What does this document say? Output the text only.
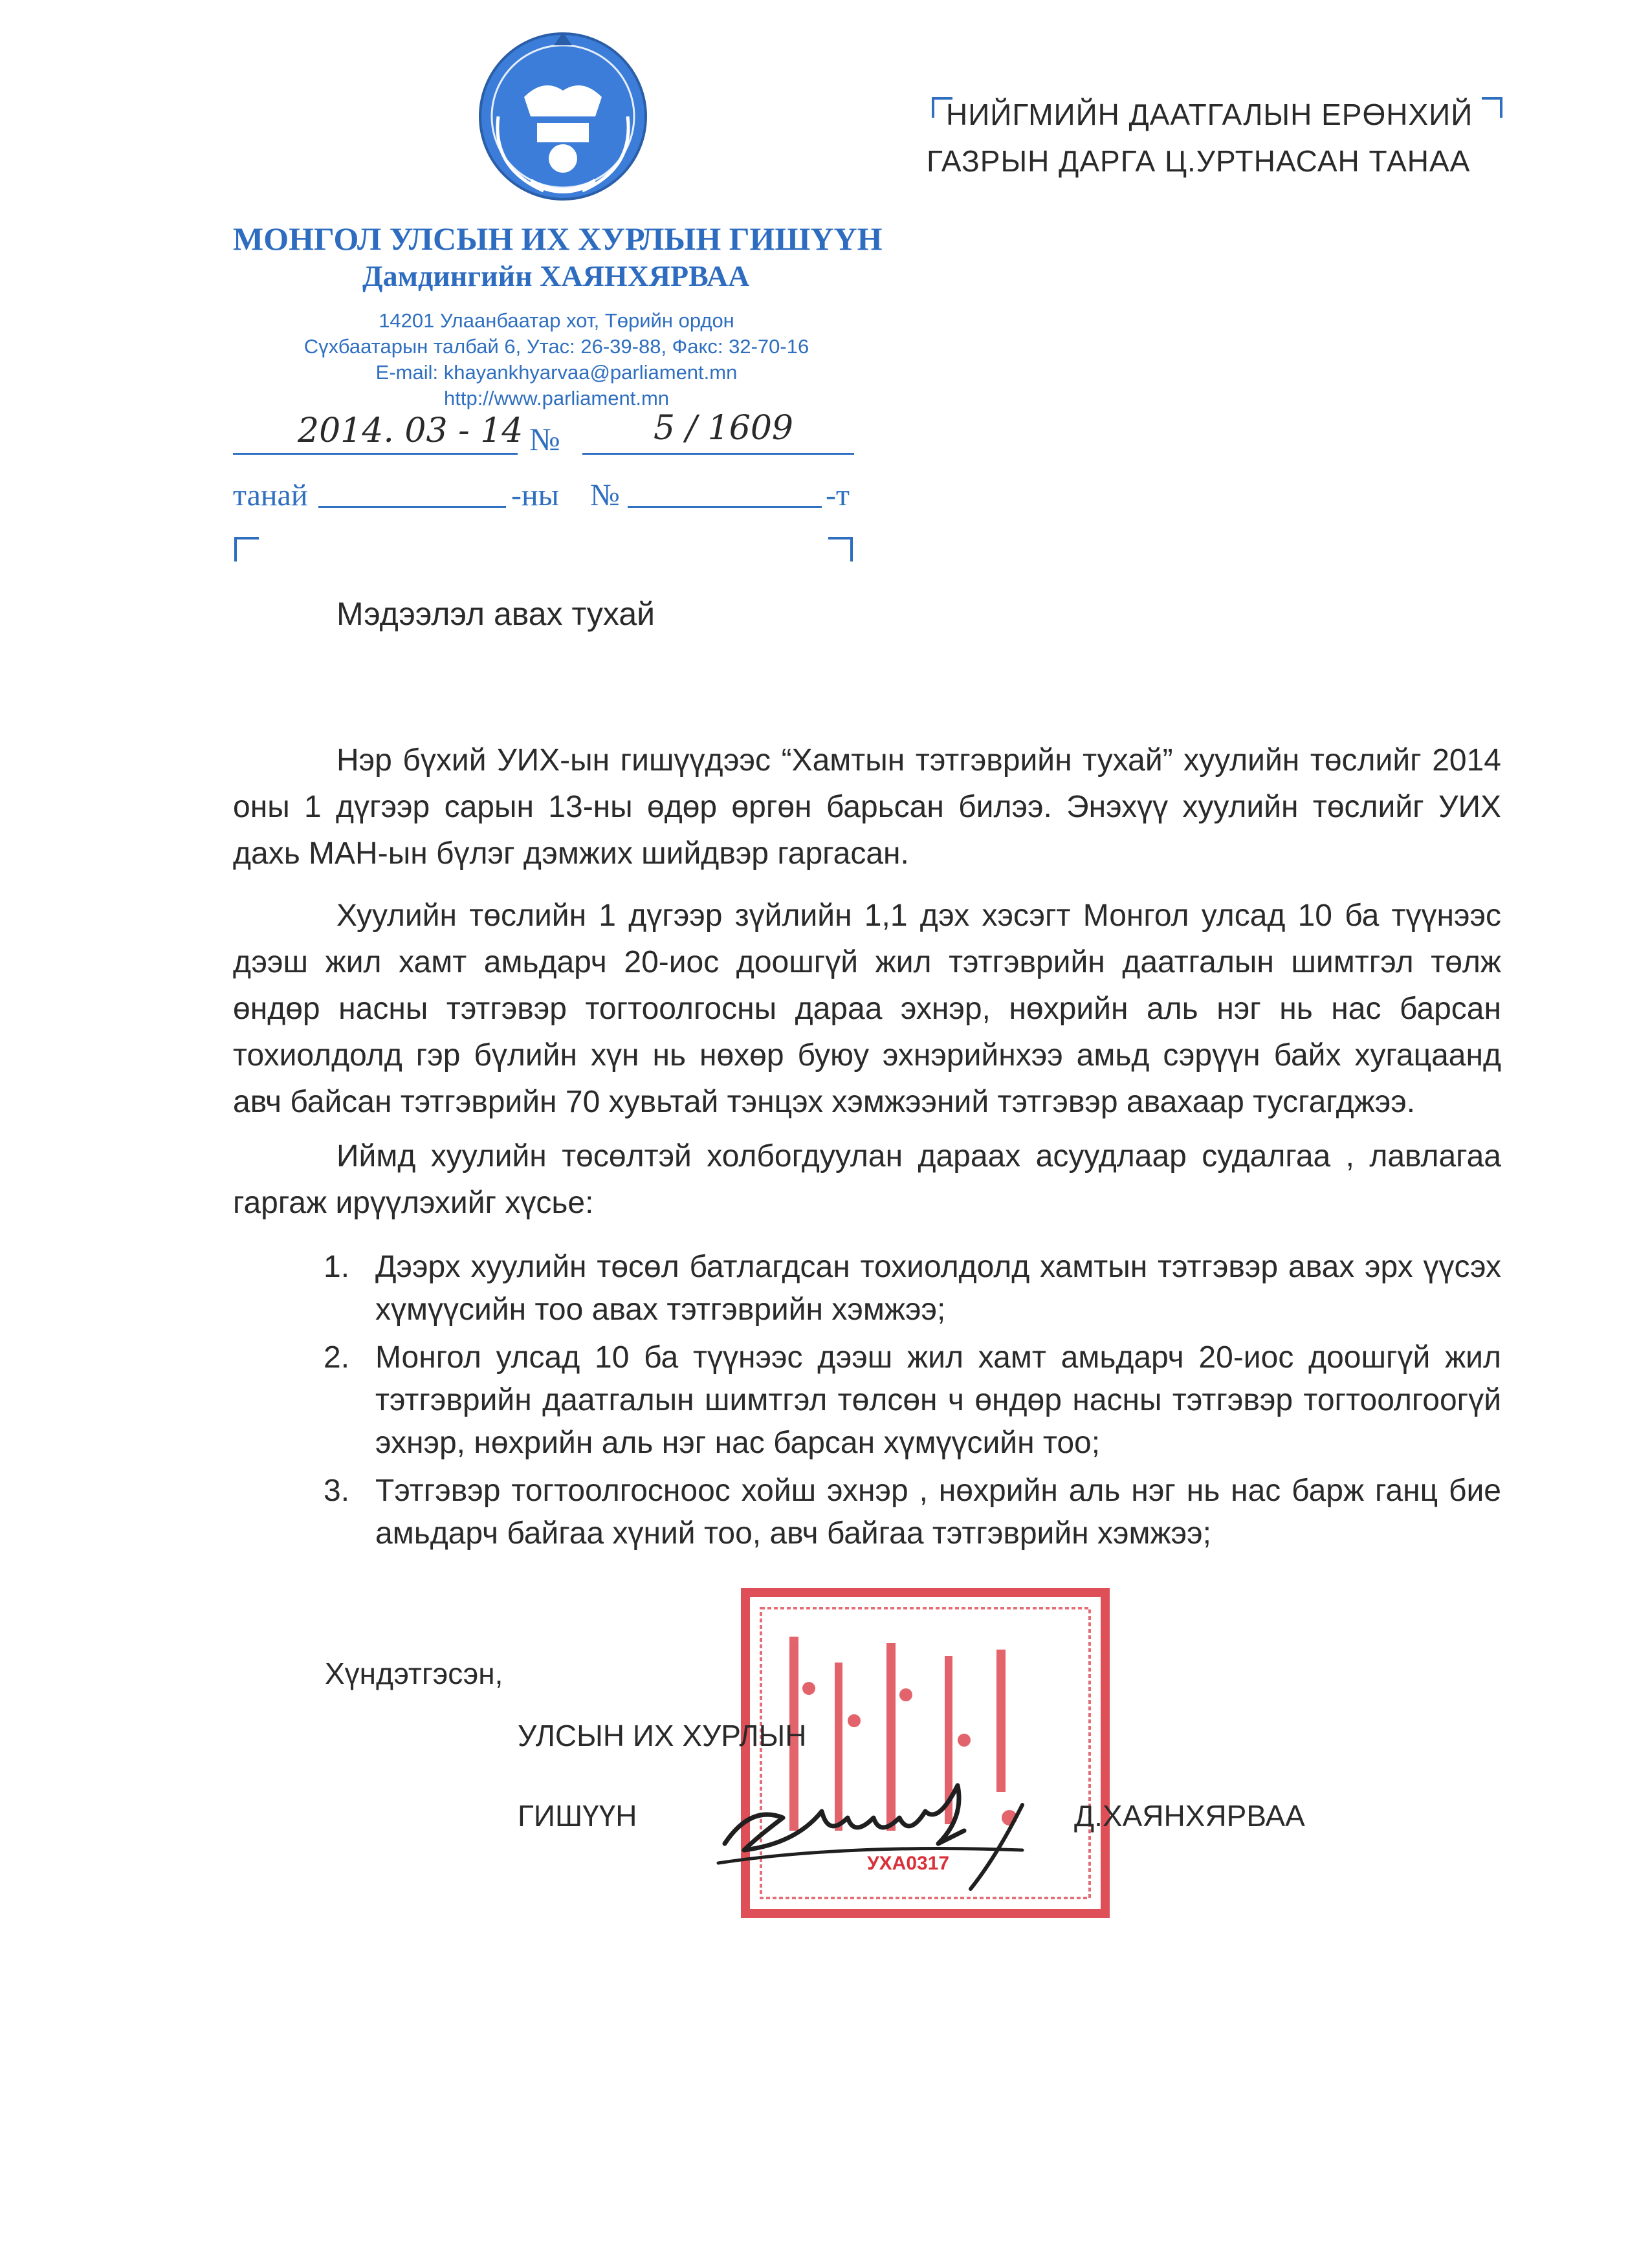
МОНГОЛ УЛСЫН ИХ ХУРЛЫН ГИШҮҮН
Дамдингийн ХАЯНХЯРВАА
14201 Улаанбаатар хот, Төрийн ордон
Сүхбаатарын талбай 6, Утас: 26-39-88, Факс: 32-70-16
E-mail: khayankhyarvaa@parliament.mn
http://www.parliament.mn
2014. 03 - 14 №	5 / 1609
танай	-ны №	-т
НИЙГМИЙН ДААТГАЛЫН ЕРӨНХИЙ
ГАЗРЫН ДАРГА Ц.УРТНАСАН ТАНАА
Мэдээлэл авах тухай
Нэр бүхий УИХ-ын гишүүдээс “Хамтын тэтгэврийн тухай” хуулийн төслийг 2014 оны 1 дүгээр сарын 13-ны өдөр өргөн барьсан билээ. Энэхүү хуулийн төслийг УИХ дахь МАН-ын бүлэг дэмжих шийдвэр гаргасан.
Хуулийн төслийн 1 дүгээр зүйлийн 1,1 дэх хэсэгт Монгол улсад 10 ба түүнээс дээш жил хамт амьдарч 20-иос доошгүй жил тэтгэврийн даатгалын шимтгэл төлж өндөр насны тэтгэвэр тогтоолгосны дараа эхнэр, нөхрийн аль нэг нь нас барсан тохиолдолд гэр бүлийн хүн нь нөхөр буюу эхнэрийнхээ амьд сэрүүн байх хугацаанд авч байсан тэтгэврийн 70 хувьтай тэнцэх хэмжээний тэтгэвэр авахаар тусгагджээ.
Иймд хуулийн төсөлтэй холбогдуулан дараах асуудлаар судалгаа , лавлагаа гаргаж ирүүлэхийг хүсье:
1. Дээрх хуулийн төсөл батлагдсан тохиолдолд хамтын тэтгэвэр авах эрх үүсэх хүмүүсийн тоо авах тэтгэврийн хэмжээ;
2. Монгол улсад 10 ба түүнээс дээш жил хамт амьдарч 20-иос доошгүй жил тэтгэврийн даатгалын шимтгэл төлсөн ч өндөр насны тэтгэвэр тогтоолгоогүй эхнэр, нөхрийн аль нэг нас барсан хүмүүсийн тоо;
3. Тэтгэвэр тогтоолгосноос хойш эхнэр , нөхрийн аль нэг нь нас барж ганц бие амьдарч байгаа хүний тоо, авч байгаа тэтгэврийн хэмжээ;
УХА0317
Хүндэтгэсэн,
УЛСЫН ИХ ХУРЛЫН
ГИШҮҮН	Д.ХАЯНХЯРВАА
